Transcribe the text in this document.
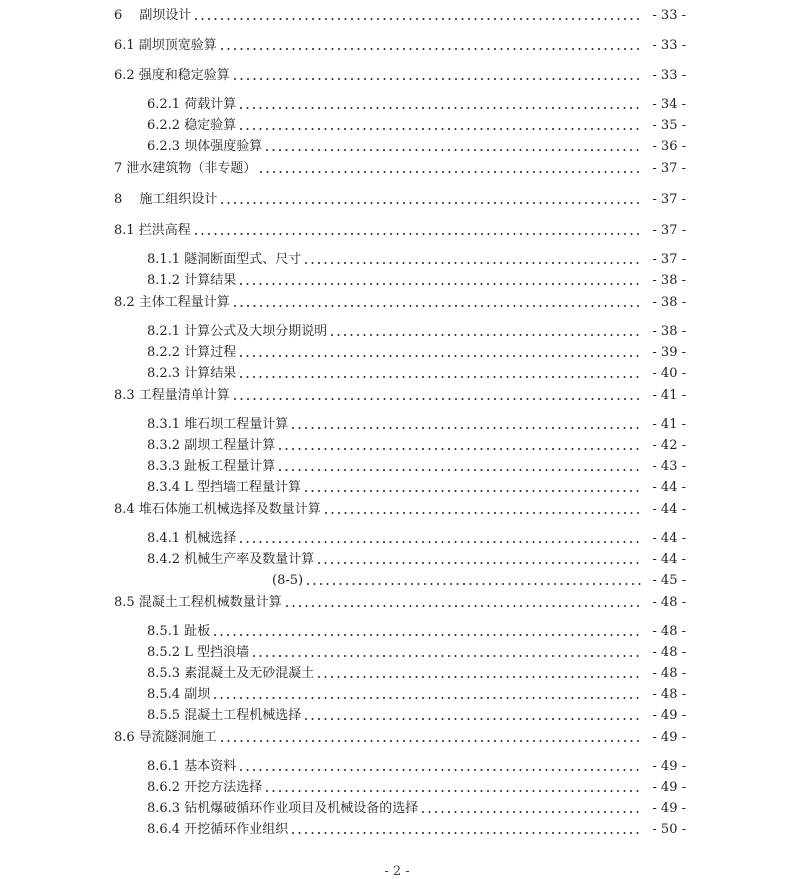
6　 副坝设计	- 33 -
6.1 副坝顶宽验算	- 33 -
6.2 强度和稳定验算	- 33 -
6.2.1 荷载计算	- 34 -
6.2.2 稳定验算	- 35 -
6.2.3 坝体强度验算	- 36 -
7 泄水建筑物（非专题）	- 37 -
8　 施工组织设计	- 37 -
8.1 拦洪高程	- 37 -
8.1.1 隧洞断面型式、尺寸	- 37 -
8.1.2 计算结果	- 38 -
8.2 主体工程量计算	- 38 -
8.2.1 计算公式及大坝分期说明	- 38 -
8.2.2 计算过程	- 39 -
8.2.3 计算结果	- 40 -
8.3 工程量清单计算	- 41 -
8.3.1 堆石坝工程量计算	- 41 -
8.3.2 副坝工程量计算	- 42 -
8.3.3 趾板工程量计算	- 43 -
8.3.4 L 型挡墙工程量计算	- 44 -
8.4 堆石体施工机械选择及数量计算	- 44 -
8.4.1 机械选择	- 44 -
8.4.2 机械生产率及数量计算	- 44 -
(8-5)	- 45 -
8.5 混凝土工程机械数量计算	- 48 -
8.5.1 趾板	- 48 -
8.5.2 L 型挡浪墙	- 48 -
8.5.3 素混凝土及无砂混凝土	- 48 -
8.5.4 副坝	- 48 -
8.5.5 混凝土工程机械选择	- 49 -
8.6 导流隧洞施工	- 49 -
8.6.1 基本资料	- 49 -
8.6.2 开挖方法选择	- 49 -
8.6.3 钻机爆破循环作业项目及机械设备的选择	- 49 -
8.6.4 开挖循环作业组织	- 50 -
- 2 -
